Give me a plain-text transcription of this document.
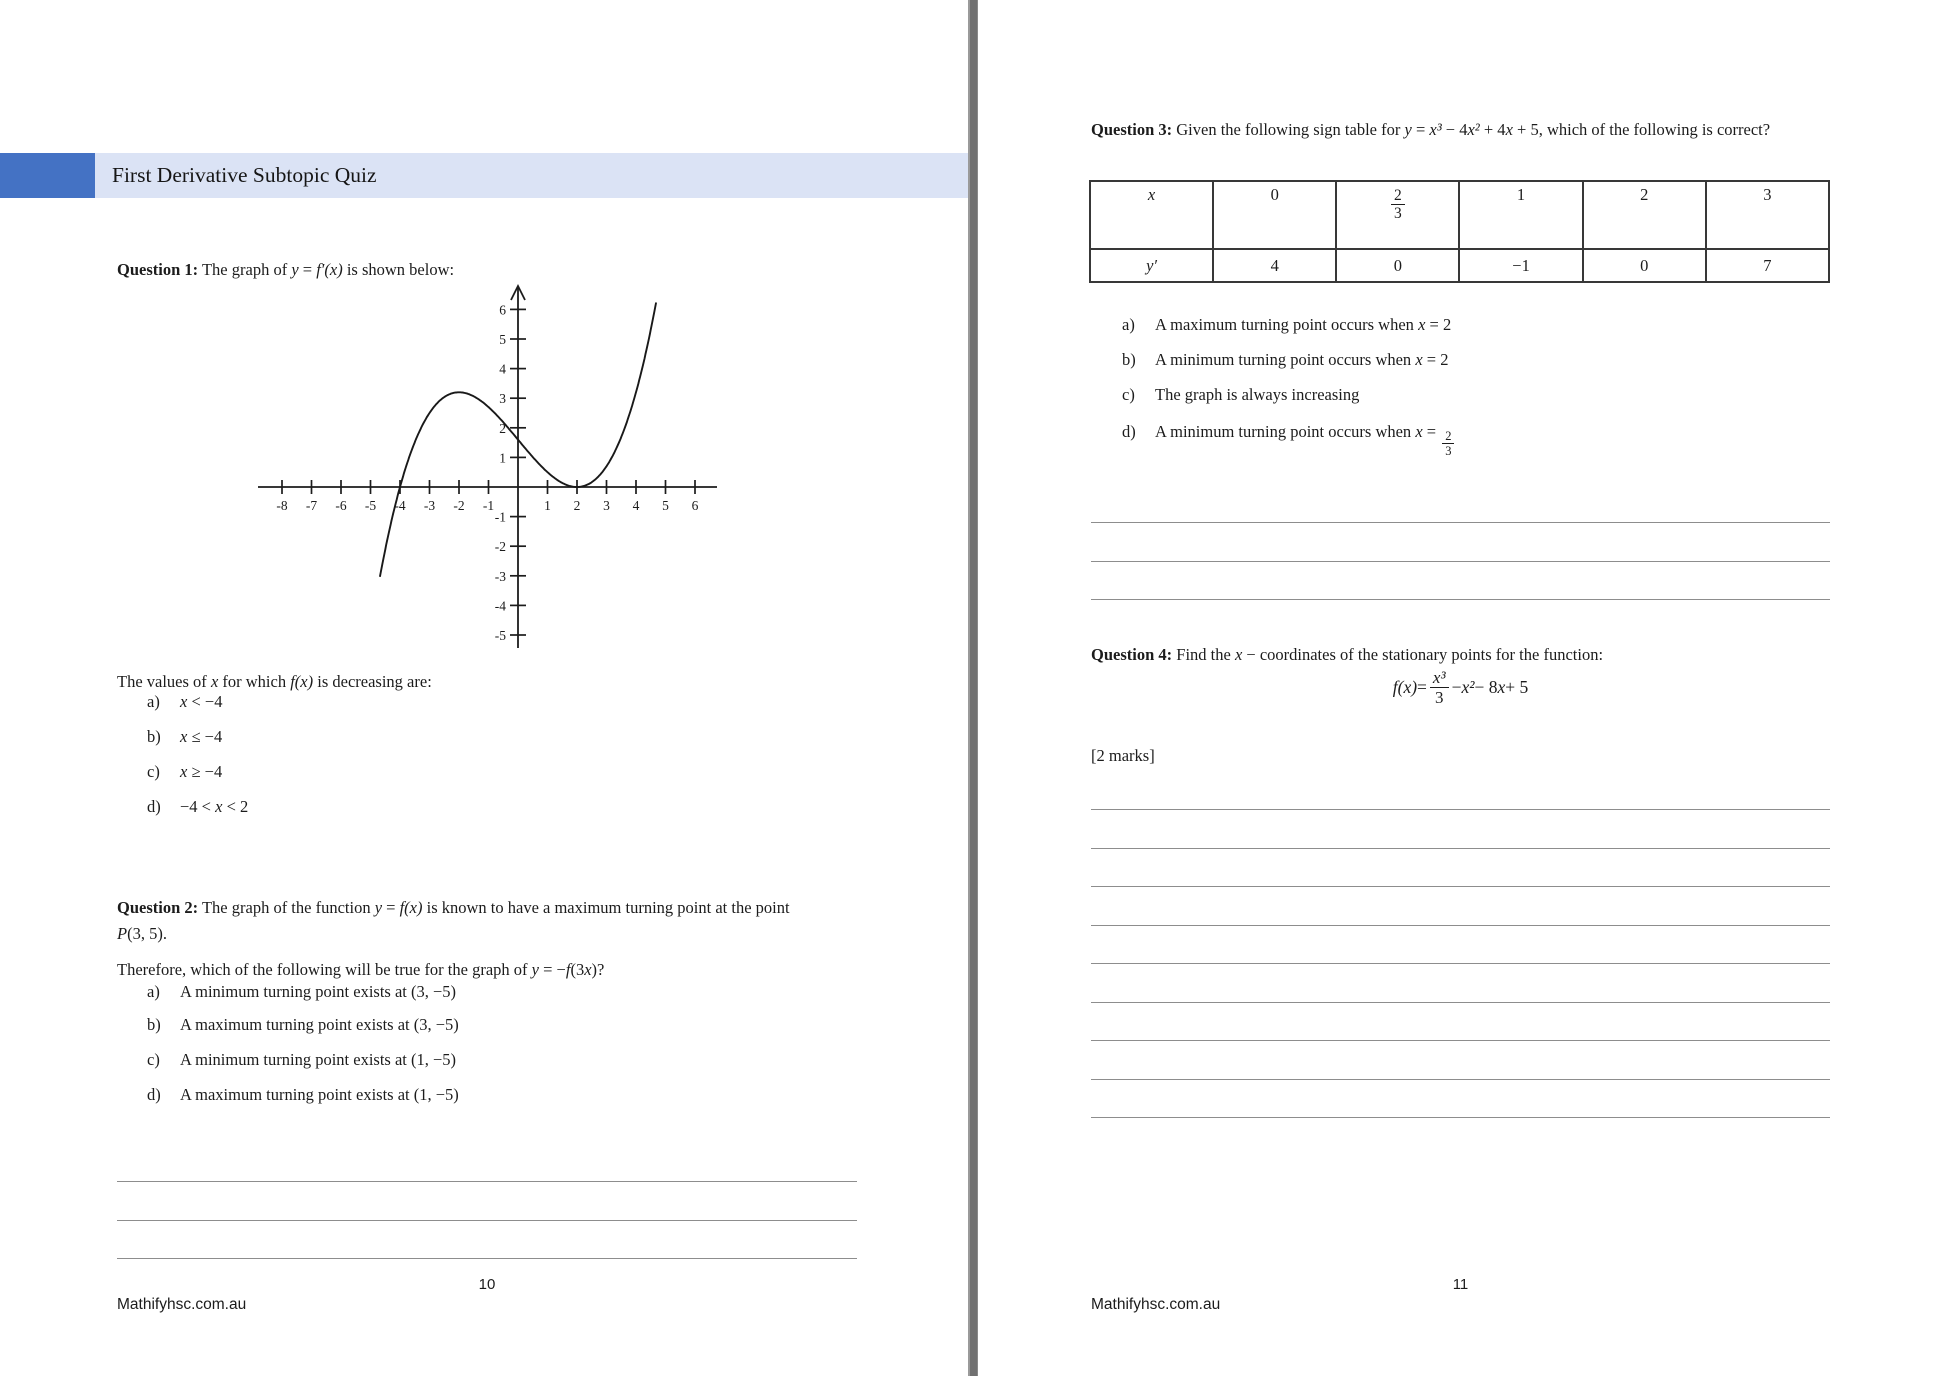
First Derivative Subtopic Quiz

Question 1: The graph of y = f′(x) is shown below:

-8 -7 -6 -5 -4 -3 -2 -1	1 2 3 4 5 6
-5
-4
-3
-2
-1
1
2
3
4
5
6

The values of x for which f(x) is decreasing are:

a)	x < −4
b)	x ≤ −4
c)	x ≥ −4
d)	−4 < x < 2

Question 2: The graph of the function y = f(x) is known to have a maximum turning point at the point P(3, 5).

Therefore, which of the following will be true for the graph of y = −f(3x)?

a)	A minimum turning point exists at (3, −5)
b)	A maximum turning point exists at (3, −5)
c)	A minimum turning point exists at (1, −5)
d)	A maximum turning point exists at (1, −5)
10
Mathifyhsc.com.au

Question 3: Given the following sign table for y = x³ − 4x² + 4x + 5, which of the following is correct?

x	0	$\frac{2}{3}$	1	2	3
y′	4	0	−1	0	7
a)	A maximum turning point occurs when x = 2
b)	A minimum turning point occurs when x = 2
c)	The graph is always increasing
d)	A minimum turning point occurs when $x = \frac{2}{3}$

Question 4: Find the x − coordinates of the stationary points for the function:

$f(x) = \frac{\text{x³}}{3} - x^2 - 8$ x + 5

[2 marks]

11
Mathifyhsc.com.au
